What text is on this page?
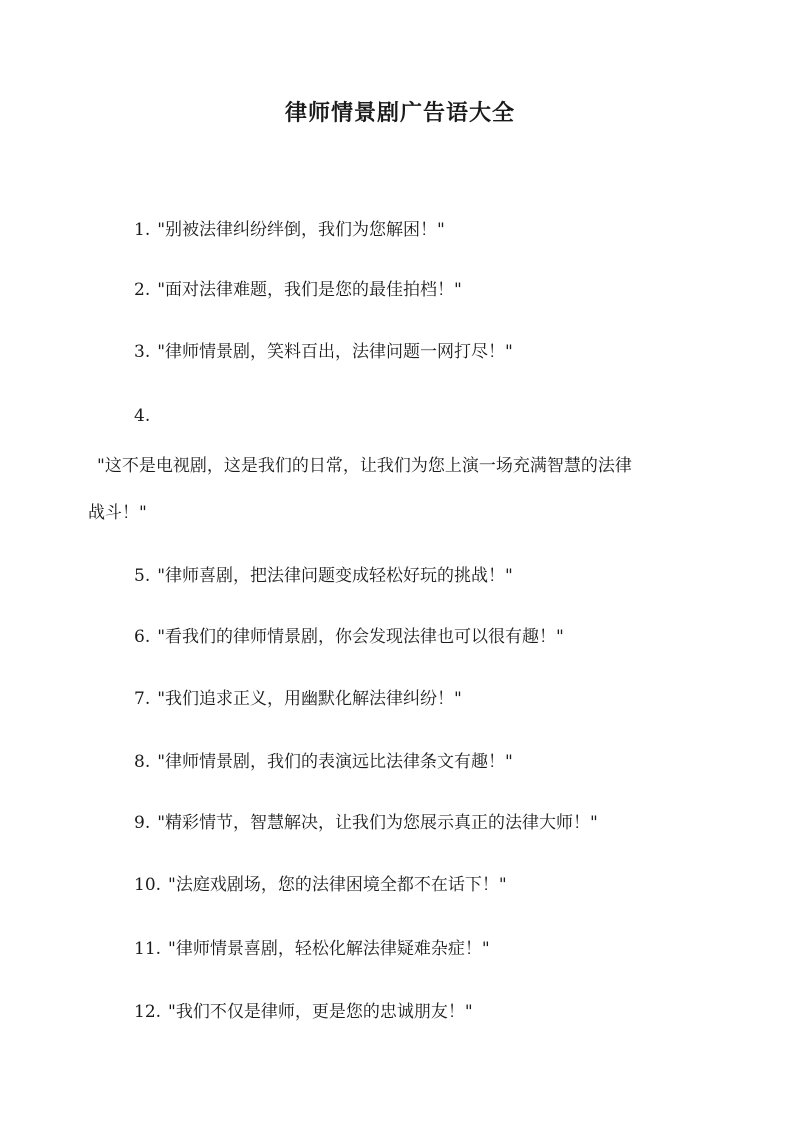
律师情景剧广告语大全
1. "别被法律纠纷绊倒，我们为您解困！"
2. "面对法律难题，我们是您的最佳拍档！"
3. "律师情景剧，笑料百出，法律问题一网打尽！"
4.
"这不是电视剧，这是我们的日常，让我们为您上演一场充满智慧的法律
战斗！"
5. "律师喜剧，把法律问题变成轻松好玩的挑战！"
6. "看我们的律师情景剧，你会发现法律也可以很有趣！"
7. "我们追求正义，用幽默化解法律纠纷！"
8. "律师情景剧，我们的表演远比法律条文有趣！"
9. "精彩情节，智慧解决，让我们为您展示真正的法律大师！"
10. "法庭戏剧场，您的法律困境全都不在话下！"
11. "律师情景喜剧，轻松化解法律疑难杂症！"
12. "我们不仅是律师，更是您的忠诚朋友！"
